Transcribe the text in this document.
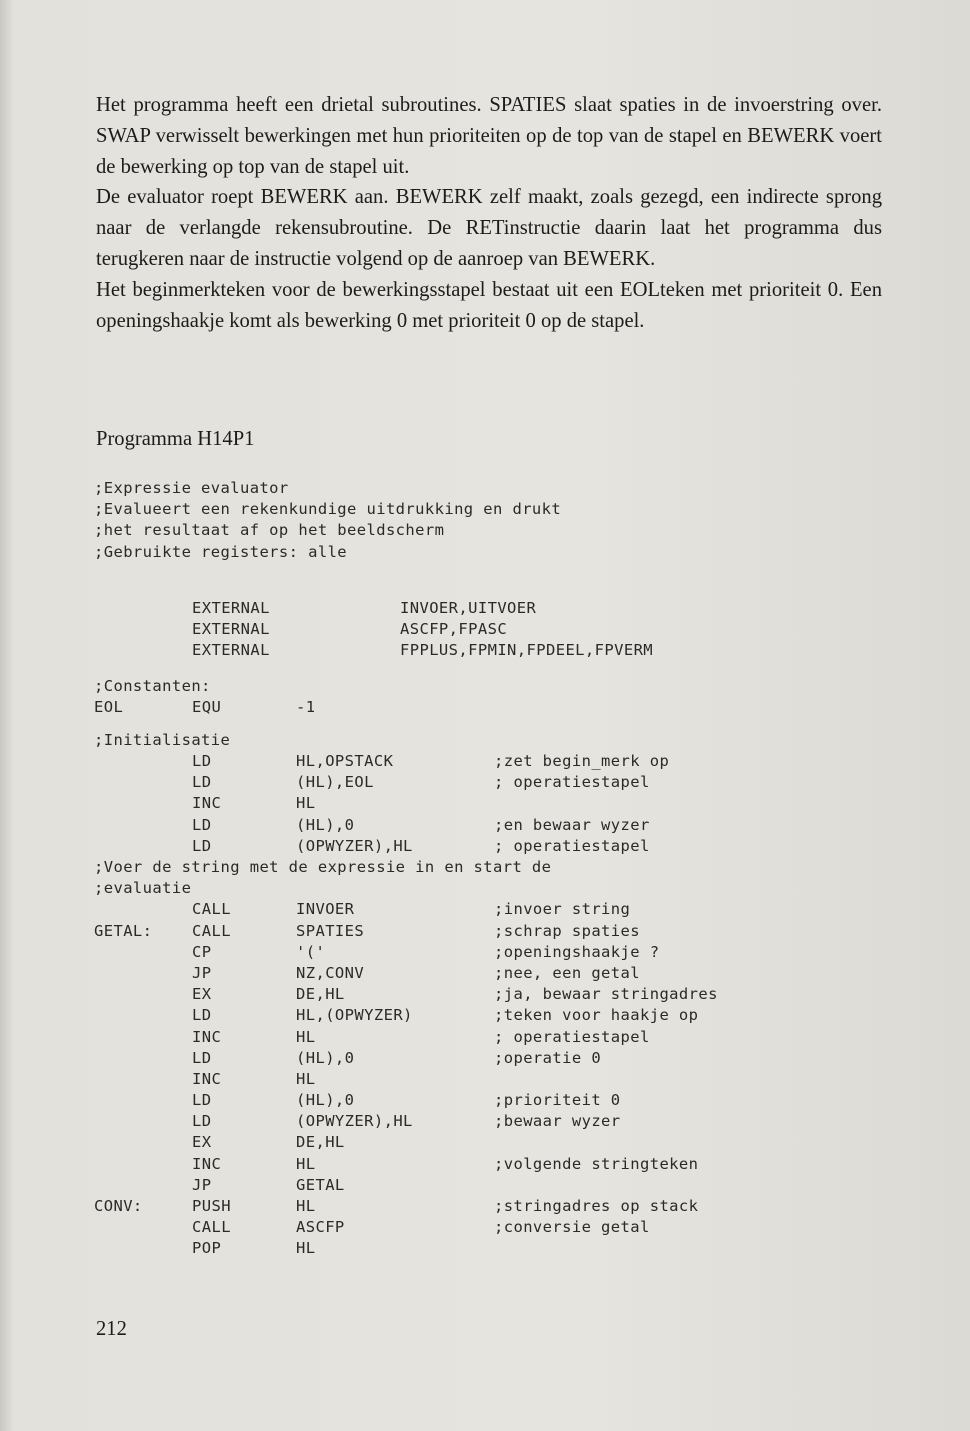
Het programma heeft een drietal subroutines. SPATIES slaat spaties in de invoerstring over. SWAP verwisselt bewerkingen met hun prioriteiten op de top van de stapel en BEWERK voert de bewerking op top van de stapel uit.

De evaluator roept BEWERK aan. BEWERK zelf maakt, zoals gezegd, een indirecte sprong naar de verlangde rekensubroutine. De RETinstructie daarin laat het programma dus terugkeren naar de instructie volgend op de aanroep van BEWERK.

Het beginmerkteken voor de bewerkingsstapel bestaat uit een EOLteken met prioriteit 0. Een openingshaakje komt als bewerking 0 met prioriteit 0 op de stapel.

Programma H14P1
;Expressie evaluator
;Evalueert een rekenkundige uitdrukking en drukt
;het resultaat af op het beeldscherm
;Gebruikte registers: alle
EXTERNAL	INVOER,UITVOER
EXTERNAL	ASCFP,FPASC
EXTERNAL	FPPLUS,FPMIN,FPDEEL,FPVERM
;Constanten:
EOL	EQU	-1
;Initialisatie
LD	HL,OPSTACK	;zet begin_merk op
LD	(HL),EOL	; operatiestapel
INC	HL
LD	(HL),0	;en bewaar wyzer
LD	(OPWYZER),HL	; operatiestapel
;Voer de string met de expressie in en start de
;evaluatie
CALL	INVOER	;invoer string
GETAL:	CALL	SPATIES	;schrap spaties
CP	'('	;openingshaakje ?
JP	NZ,CONV	;nee, een getal
EX	DE,HL	;ja, bewaar stringadres
LD	HL,(OPWYZER)	;teken voor haakje op
INC	HL	; operatiestapel
LD	(HL),0	;operatie 0
INC	HL
LD	(HL),0	;prioriteit 0
LD	(OPWYZER),HL	;bewaar wyzer
EX	DE,HL
INC	HL	;volgende stringteken
JP	GETAL
CONV:	PUSH	HL	;stringadres op stack
CALL	ASCFP	;conversie getal
POP	HL
212
